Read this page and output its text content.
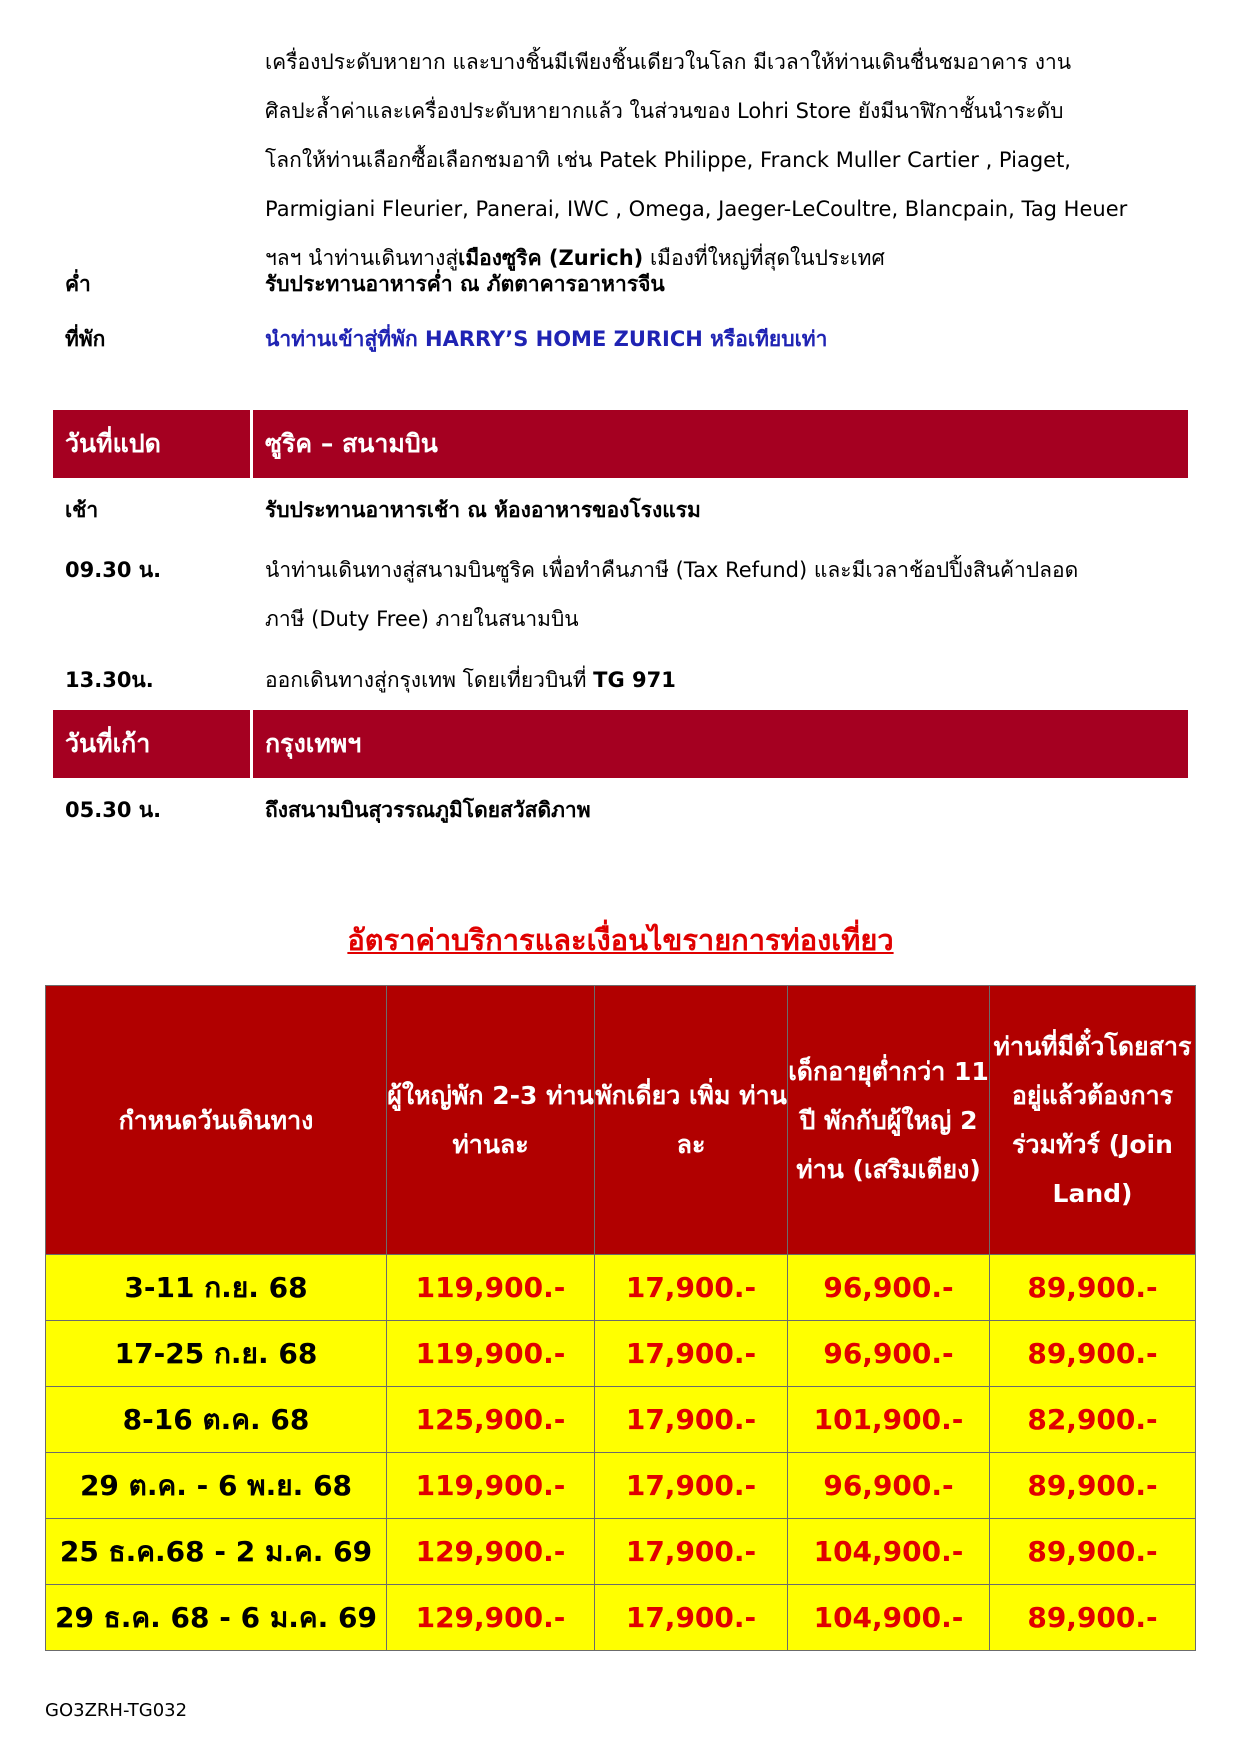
เครื่องประดับหายาก และบางชิ้นมีเพียงชิ้นเดียวในโลก มีเวลาให้ท่านเดินชื่นชมอาคาร งาน
ศิลปะล้ำค่าและเครื่องประดับหายากแล้ว ในส่วนของ Lohri Store ยังมีนาฬิกาชั้นนำระดับ
โลกให้ท่านเลือกซื้อเลือกชมอาทิ เช่น Patek Philippe, Franck Muller Cartier , Piaget,
Parmigiani Fleurier, Panerai, IWC , Omega, Jaeger-LeCoultre, Blancpain, Tag Heuer
ฯลฯ นำท่านเดินทางสู่เมืองซูริค (Zurich) เมืองที่ใหญ่ที่สุดในประเทศ
ค่ำ	รับประทานอาหารค่ำ ณ ภัตตาคารอาหารจีน
ที่พัก	นำท่านเข้าสู่ที่พัก HARRY’S HOME ZURICH หรือเทียบเท่า
วันที่แปด	ซูริค – สนามบิน
เช้า	รับประทานอาหารเช้า ณ ห้องอาหารของโรงแรม
09.30 น.	นำท่านเดินทางสู่สนามบินซูริค เพื่อทำคืนภาษี (Tax Refund) และมีเวลาช้อปปิ้งสินค้าปลอด
ภาษี (Duty Free) ภายในสนามบิน
13.30น.	ออกเดินทางสู่กรุงเทพ โดยเที่ยวบินที่ TG 971
วันที่เก้า	กรุงเทพฯ
05.30 น.	ถึงสนามบินสุวรรณภูมิโดยสวัสดิภาพ
อัตราค่าบริการและเงื่อนไขรายการท่องเที่ยว
กำหนดวันเดินทาง	ผู้ใหญ่พัก 2-3 ท่าน ท่านละ	พักเดี่ยว เพิ่ม ท่านละ	เด็กอายุต่ำกว่า 11 ปี พักกับผู้ใหญ่ 2 ท่าน (เสริมเตียง)	ท่านที่มีตั๋วโดยสารอยู่แล้วต้องการร่วมทัวร์ (Join Land)
3-11 ก.ย. 68	119,900.-	17,900.-	96,900.-	89,900.-
17-25 ก.ย. 68	119,900.-	17,900.-	96,900.-	89,900.-
8-16 ต.ค. 68	125,900.-	17,900.-	101,900.-	82,900.-
29 ต.ค. - 6 พ.ย. 68	119,900.-	17,900.-	96,900.-	89,900.-
25 ธ.ค.68 - 2 ม.ค. 69	129,900.-	17,900.-	104,900.-	89,900.-
29 ธ.ค. 68 - 6 ม.ค. 69	129,900.-	17,900.-	104,900.-	89,900.-
GO3ZRH-TG032
